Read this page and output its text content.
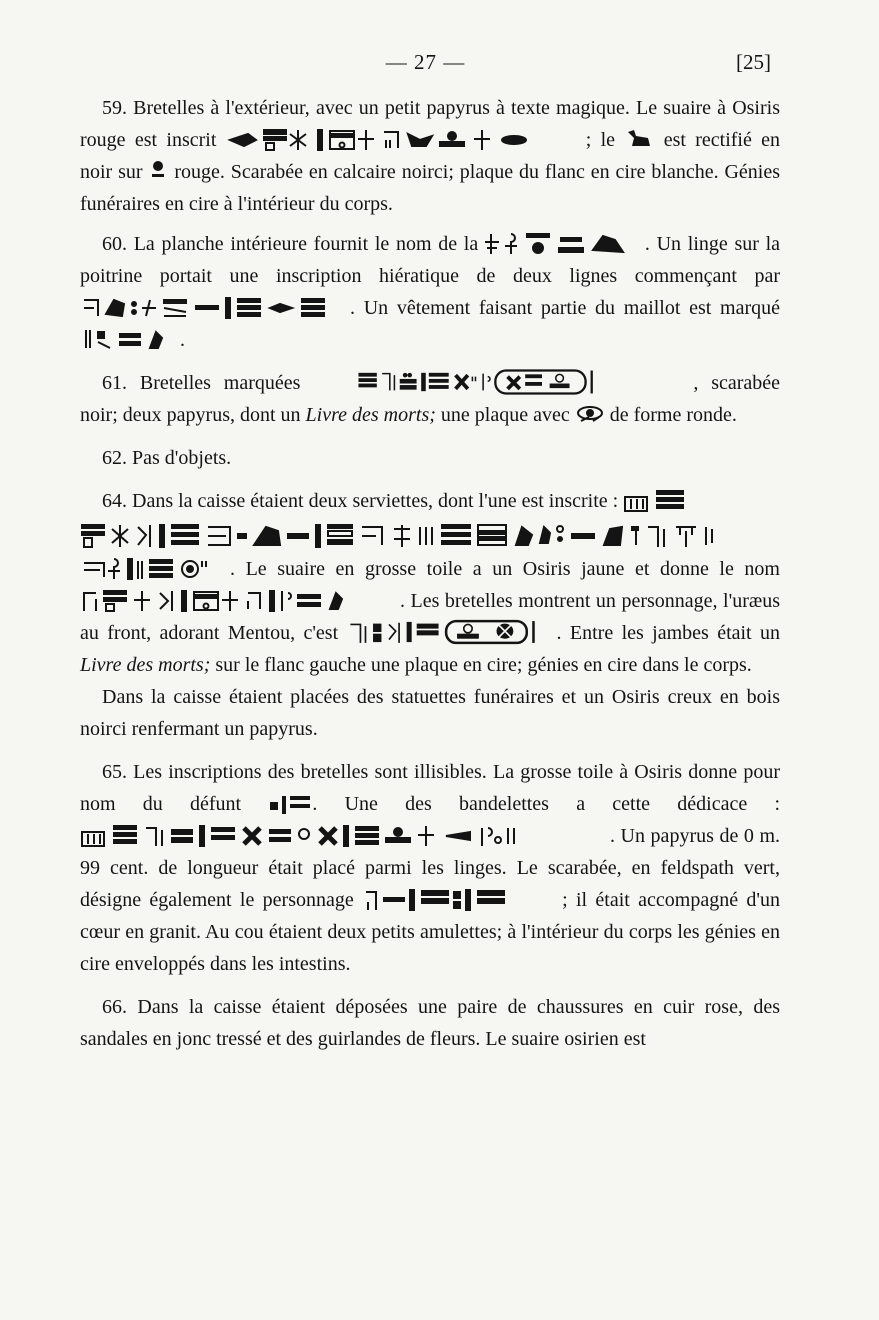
— 27 —	[25]

59. Bretelles à l'extérieur, avec un petit papyrus à texte magique. Le suaire à Osiris rouge est inscrit	; le est rectifié en noir sur rouge. Scarabée en calcaire noirci; plaque du flanc en cire blanche. Génies funéraires en cire à l'intérieur du corps.

60. La planche intérieure fournit le nom de la	. Un linge sur la poitrine portait une inscription hiératique de deux lignes commençant par
. Un vêtement faisant partie du maillot est marqué
.

61. Bretelles marquées	, scarabée noir; deux papyrus, dont un Livre des morts; une plaque avec de forme ronde.

62. Pas d'objets.

64. Dans la caisse étaient deux serviettes, dont l'une est inscrite :

. Le suaire en grosse toile a un Osiris jaune et donne le nom
. Les bretelles montrent un personnage, l'uræus au front, adorant Mentou, c'est	. Entre les jambes était un Livre des morts; sur le flanc gauche une plaque en cire; génies en cire dans le corps.

Dans la caisse étaient placées des statuettes funéraires et un Osiris creux en bois noirci renfermant un papyrus.

65. Les inscriptions des bretelles sont illisibles. La grosse toile à Osiris donne pour nom du défunt	. Une des bandelettes a cette dédicace :
. Un papyrus de 0 m. 99 cent. de longueur était placé parmi les linges. Le scarabée, en feldspath vert, désigne également le personnage	; il était accompagné d'un cœur en granit. Au cou étaient deux petits amulettes; à l'intérieur du corps les génies en cire enveloppés dans les intestins.

66. Dans la caisse étaient déposées une paire de chaussures en cuir rose, des sandales en jonc tressé et des guirlandes de fleurs. Le suaire osirien est
